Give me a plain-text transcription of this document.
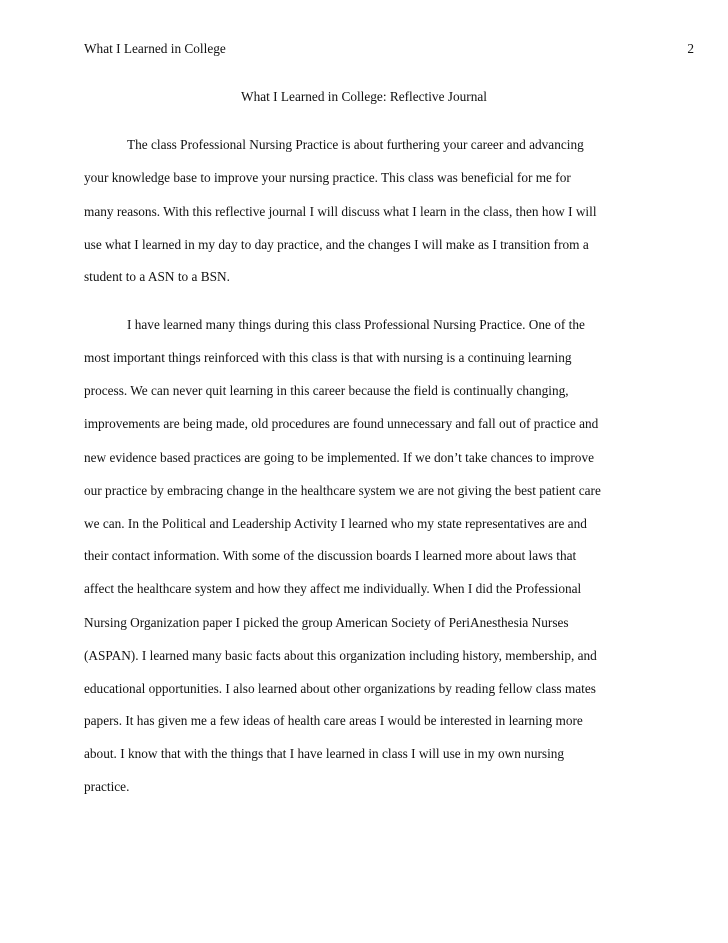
What I Learned in College	2
What I Learned in College: Reflective Journal
The class Professional Nursing Practice is about furthering your career and advancing
your knowledge base to improve your nursing practice. This class was beneficial for me for
many reasons. With this reflective journal I will discuss what I learn in the class, then how I will
use what I learned in my day to day practice, and the changes I will make as I transition from a
student to a ASN to a BSN.
I have learned many things during this class Professional Nursing Practice. One of the
most important things reinforced with this class is that with nursing is a continuing learning
process. We can never quit learning in this career because the field is continually changing,
improvements are being made, old procedures are found unnecessary and fall out of practice and
new evidence based practices are going to be implemented. If we don’t take chances to improve
our practice by embracing change in the healthcare system we are not giving the best patient care
we can. In the Political and Leadership Activity I learned who my state representatives are and
their contact information. With some of the discussion boards I learned more about laws that
affect the healthcare system and how they affect me individually. When I did the Professional
Nursing Organization paper I picked the group American Society of PeriAnesthesia Nurses
(ASPAN). I learned many basic facts about this organization including history, membership, and
educational opportunities. I also learned about other organizations by reading fellow class mates
papers. It has given me a few ideas of health care areas I would be interested in learning more
about. I know that with the things that I have learned in class I will use in my own nursing
practice.
